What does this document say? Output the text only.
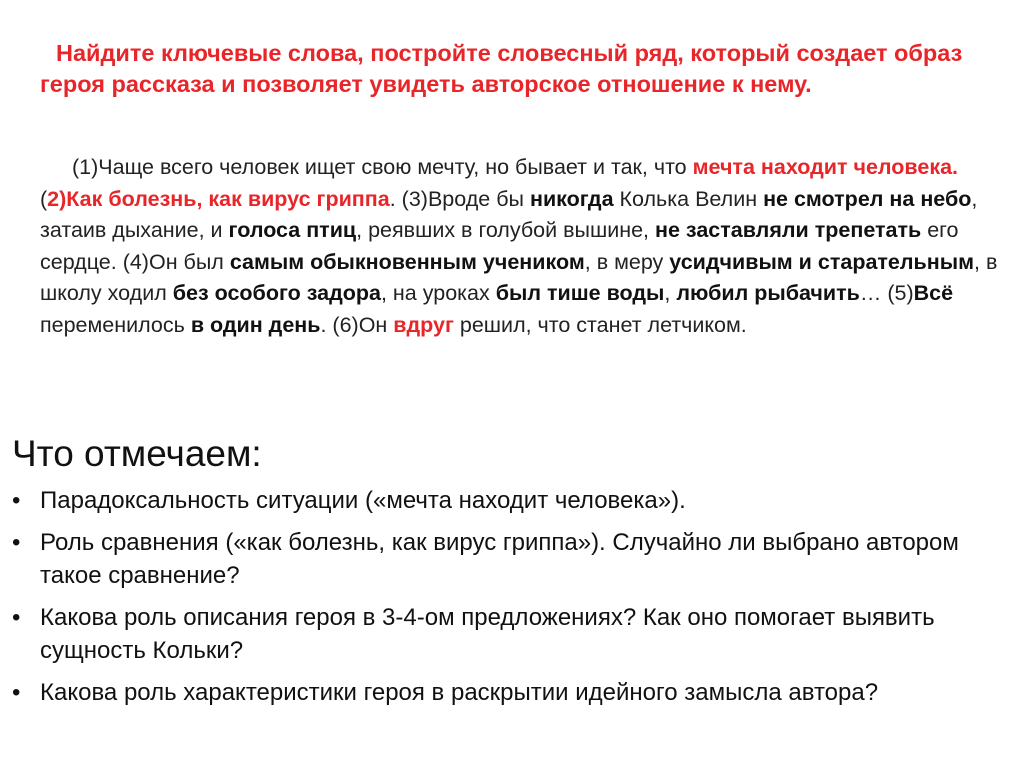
Найдите ключевые слова, постройте словесный ряд, который создает образ героя рассказа и позволяет увидеть авторское отношение к нему.
(1)Чаще всего человек ищет свою мечту, но бывает и так, что мечта находит человека. (2)Как болезнь, как вирус гриппа. (3)Вроде бы никогда Колька Велин не смотрел на небо, затаив дыхание, и голоса птиц, реявших в голубой вышине, не заставляли трепетать его сердце. (4)Он был самым обыкновенным учеником, в меру усидчивым и старательным, в школу ходил без особого задора, на уроках был тише воды, любил рыбачить… (5)Всё переменилось в один день. (6)Он вдруг решил, что станет летчиком.
Что отмечаем:
• Парадоксальность ситуации («мечта находит человека»).
• Роль сравнения («как болезнь, как вирус гриппа»). Случайно ли выбрано автором такое сравнение?
• Какова роль описания героя в 3-4-ом предложениях? Как оно помогает выявить сущность Кольки?
• Какова роль характеристики героя в раскрытии идейного замысла автора?
